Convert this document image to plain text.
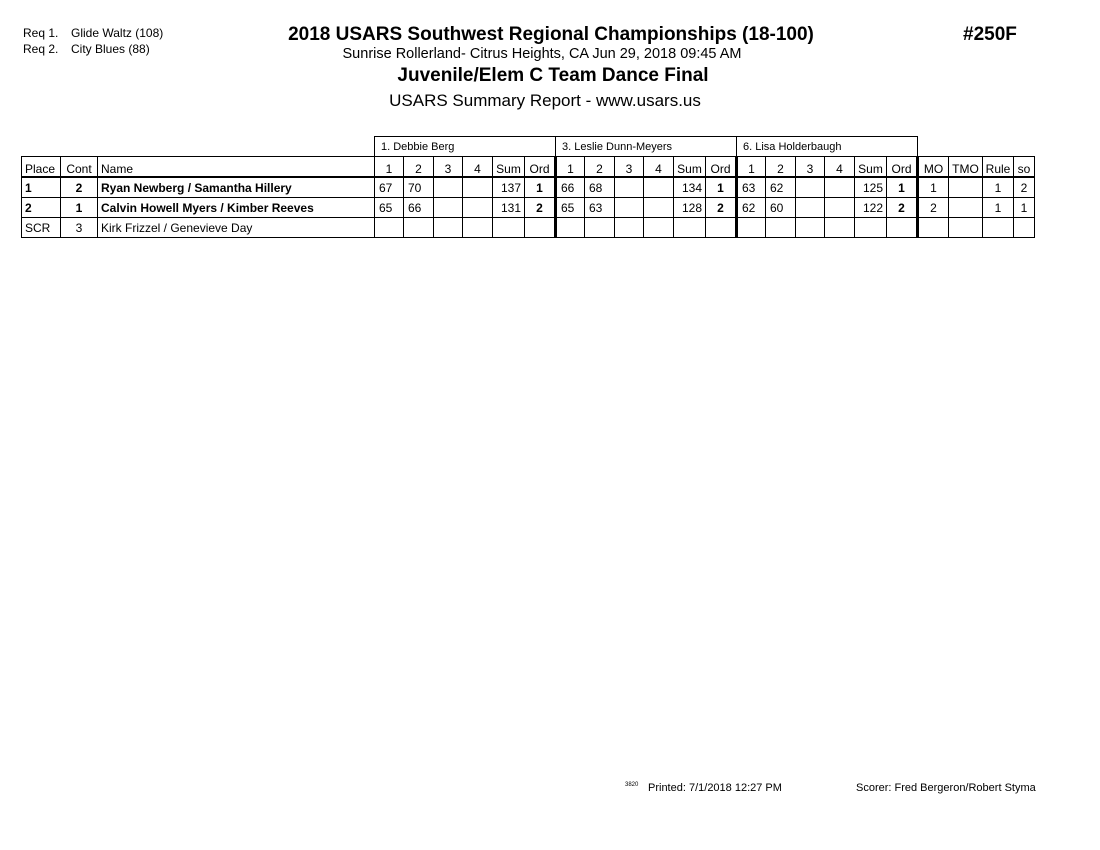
Req 1. Glide Waltz (108)
Req 2. City Blues (88)
2018 USARS Southwest Regional Championships (18-100)	#250F
Sunrise Rollerland- Citrus Heights, CA Jun 29, 2018 09:45 AM
Juvenile/Elem C Team Dance Final
USARS Summary Report - www.usars.us
			1. Debbie Berg						3. Leslie Dunn-Meyers						6. Lisa Holderbaugh									
Place	Cont	Name	1	2	3	4	Sum	Ord	1	2	3	4	Sum	Ord	1	2	3	4	Sum	Ord	MO	TMO	Rule	so
1	2	Ryan Newberg / Samantha Hillery	67	70			137	1	66	68			134	1	63	62			125	1	1		1	2
2	1	Calvin Howell Myers / Kimber Reeves	65	66			131	2	65	63			128	2	62	60			122	2	2		1	1
SCR	3	Kirk Frizzel / Genevieve Day																						
3820 Printed: 7/1/2018 12:27 PM	Scorer: Fred Bergeron/Robert Styma
